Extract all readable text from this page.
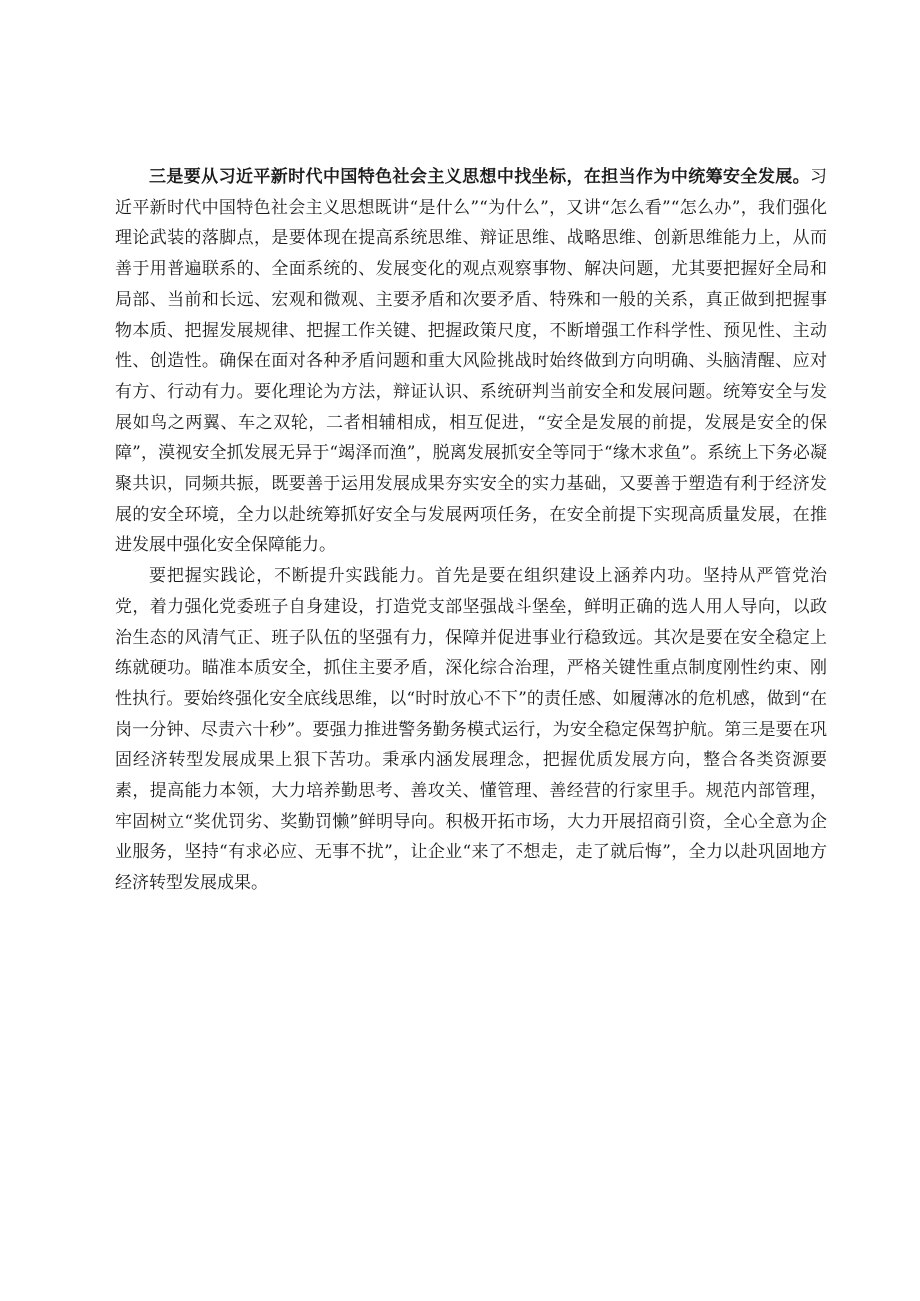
三是要从习近平新时代中国特色社会主义思想中找坐标，在担当作为中统筹安全发展。习近平新时代中国特色社会主义思想既讲“是什么”“为什么”，又讲“怎么看”“怎么办”，我们强化理论武装的落脚点，是要体现在提高系统思维、辩证思维、战略思维、创新思维能力上，从而善于用普遍联系的、全面系统的、发展变化的观点观察事物、解决问题，尤其要把握好全局和局部、当前和长远、宏观和微观、主要矛盾和次要矛盾、特殊和一般的关系，真正做到把握事物本质、把握发展规律、把握工作关键、把握政策尺度，不断增强工作科学性、预见性、主动性、创造性。确保在面对各种矛盾问题和重大风险挑战时始终做到方向明确、头脑清醒、应对有方、行动有力。要化理论为方法，辩证认识、系统研判当前安全和发展问题。统筹安全与发展如鸟之两翼、车之双轮，二者相辅相成，相互促进，“安全是发展的前提，发展是安全的保障”，漠视安全抓发展无异于“竭泽而渔”，脱离发展抓安全等同于“缘木求鱼”。系统上下务必凝聚共识，同频共振，既要善于运用发展成果夯实安全的实力基础，又要善于塑造有利于经济发展的安全环境，全力以赴统筹抓好安全与发展两项任务，在安全前提下实现高质量发展，在推进发展中强化安全保障能力。

要把握实践论，不断提升实践能力。首先是要在组织建设上涵养内功。坚持从严管党治党，着力强化党委班子自身建设，打造党支部坚强战斗堡垒，鲜明正确的选人用人导向，以政治生态的风清气正、班子队伍的坚强有力，保障并促进事业行稳致远。其次是要在安全稳定上练就硬功。瞄准本质安全，抓住主要矛盾，深化综合治理，严格关键性重点制度刚性约束、刚性执行。要始终强化安全底线思维，以“时时放心不下”的责任感、如履薄冰的危机感，做到“在岗一分钟、尽责六十秒”。要强力推进警务勤务模式运行，为安全稳定保驾护航。第三是要在巩固经济转型发展成果上狠下苦功。秉承内涵发展理念，把握优质发展方向，整合各类资源要素，提高能力本领，大力培养勤思考、善攻关、懂管理、善经营的行家里手。规范内部管理，牢固树立“奖优罚劣、奖勤罚懒”鲜明导向。积极开拓市场，大力开展招商引资，全心全意为企业服务，坚持“有求必应、无事不扰”，让企业“来了不想走，走了就后悔”，全力以赴巩固地方经济转型发展成果。
